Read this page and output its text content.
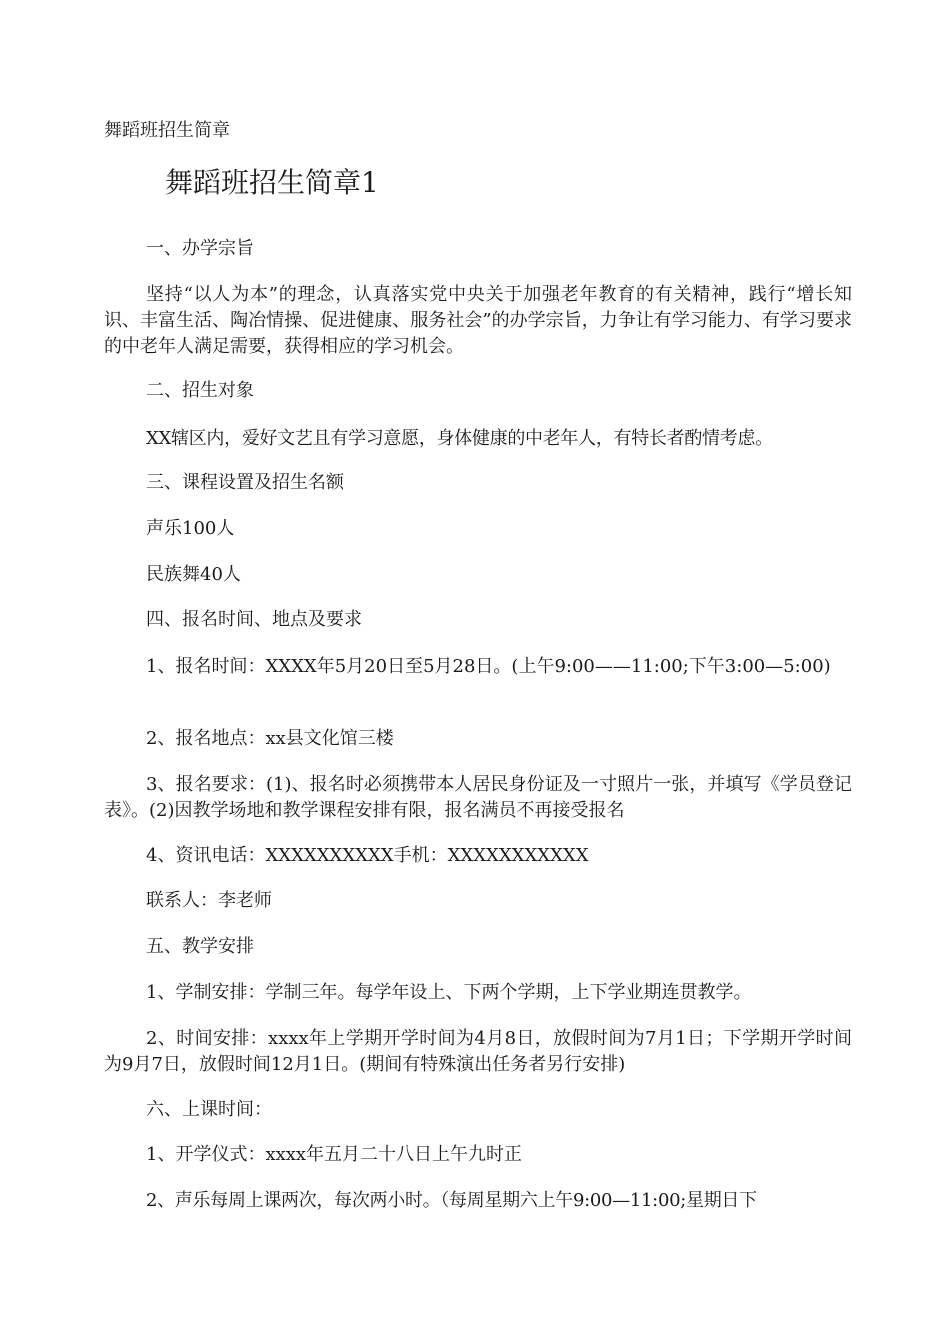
舞蹈班招生简章
舞蹈班招生简章1

一、办学宗旨

坚持“以人为本”的理念，认真落实党中央关于加强老年教育的有关精神，践行“增长知识、丰富生活、陶冶情操、促进健康、服务社会”的办学宗旨，力争让有学习能力、有学习要求的中老年人满足需要，获得相应的学习机会。

二、招生对象

XX辖区内，爱好文艺且有学习意愿，身体健康的中老年人，有特长者酌情考虑。

三、课程设置及招生名额

声乐100人

民族舞40人

四、报名时间、地点及要求

1、报名时间：XXXX年5月20日至5月28日。(上午9:00——11:00;下午3:00—5:00)

2、报名地点：xx县文化馆三楼

3、报名要求：(1)、报名时必须携带本人居民身份证及一寸照片一张，并填写《学员登记表》。(2)因教学场地和教学课程安排有限，报名满员不再接受报名

4、资讯电话：XXXXXXXXXX手机：XXXXXXXXXXX

联系人：李老师

五、教学安排

1、学制安排：学制三年。每学年设上、下两个学期，上下学业期连贯教学。

2、时间安排：xxxx年上学期开学时间为4月8日，放假时间为7月1日；下学期开学时间为9月7日，放假时间12月1日。(期间有特殊演出任务者另行安排)

六、上课时间：

1、开学仪式：xxxx年五月二十八日上午九时正

2、声乐每周上课两次，每次两小时。（每周星期六上午9:00—11:00;星期日下
